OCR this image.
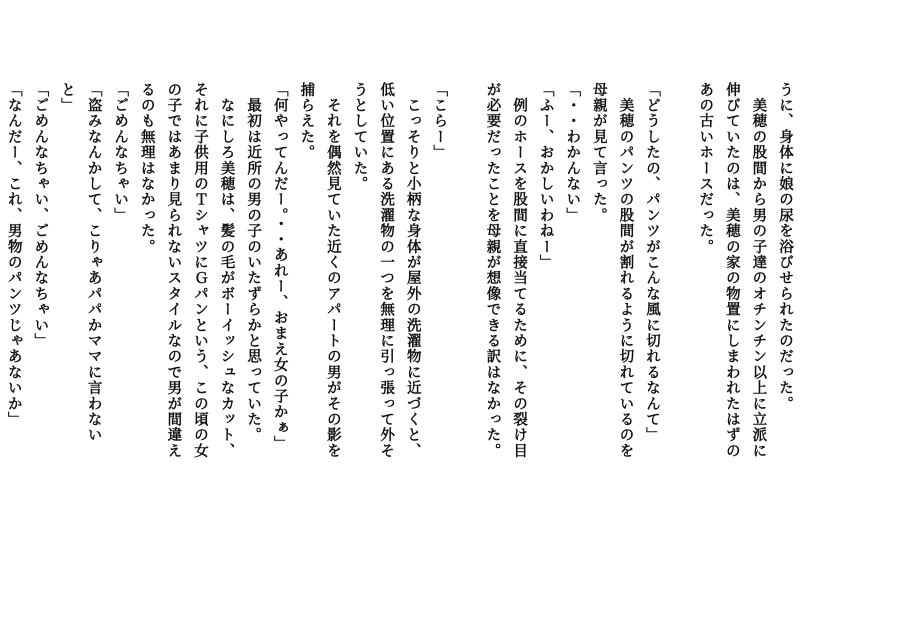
うに、身体に娘の尿を浴びせられたのだった。
　美穂の股間から男の子達のオチンチン以上に立派に
伸びていたのは、美穂の家の物置にしまわれたはずの
あの古いホースだった。
「どうしたの、パンツがこんな風に切れるなんて」
　美穂のパンツの股間が割れるように切れているのを
母親が見て言った。
「・・わかんない」
「ふー、おかしいわねー」
　例のホースを股間に直接当てるために、その裂け目
が必要だったことを母親が想像できる訳はなかった。
「こらー」
　こっそりと小柄な身体が屋外の洗濯物に近づくと、
低い位置にある洗濯物の一つを無理に引っ張って外そ
うとしていた。
　それを偶然見ていた近くのアパートの男がその影を
捕らえた。
「何やってんだー。・・あれー、おまえ女の子かぁ」
　最初は近所の男の子のいたずらかと思っていた。
　なにしろ美穂は、髪の毛がボーイッシュなカット、
それに子供用のＴシャツにＧパンという、この頃の女
の子ではあまり見られないスタイルなので男が間違え
るのも無理はなかった。
「ごめんなちゃい」
「盗みなんかして、こりゃあパパかママに言わない
と」
「ごめんなちゃい、ごめんなちゃい」
「なんだー、これ、男物のパンツじゃあないか」
